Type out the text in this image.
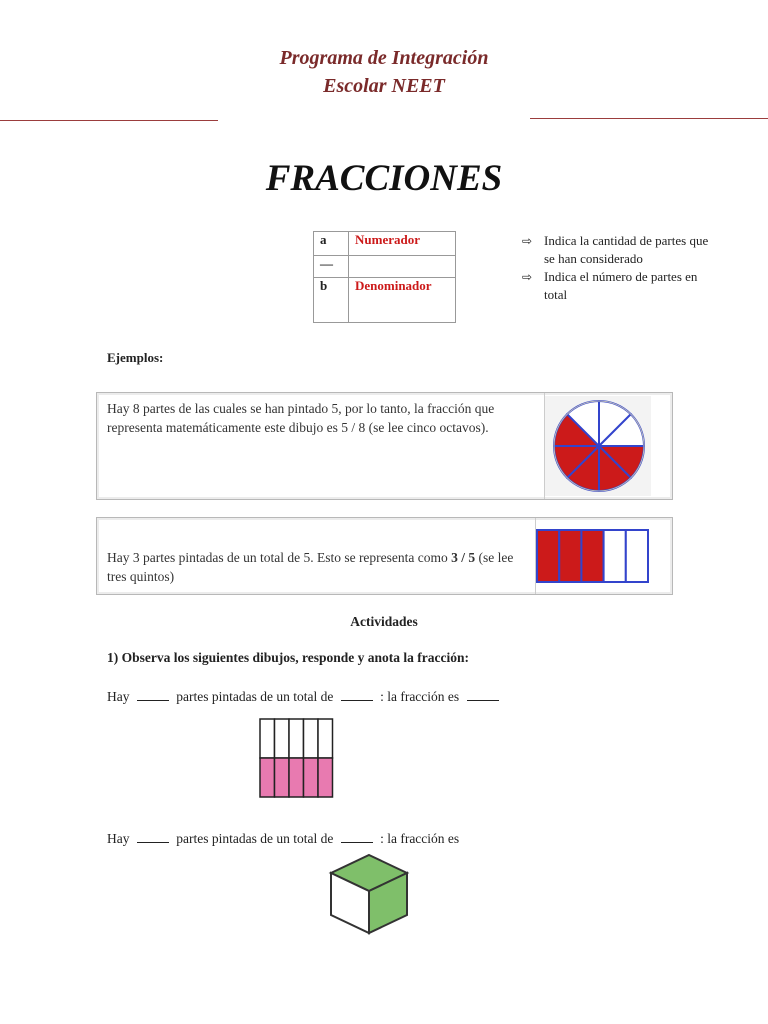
Programa de Integración
Escolar NEET
FRACCIONES
a	Numerador
—	
b	Denominador
⇨ Indica la cantidad de partes que se han considerado
⇨ Indica el número de partes en total
Ejemplos:
Hay 8 partes de las cuales se han pintado 5, por lo tanto, la fracción que representa matemáticamente este dibujo es 5 / 8 (se lee cinco octavos).
Hay 3 partes pintadas de un total de 5. Esto se representa como 3 / 5 (se lee tres quintos)
Actividades
1) Observa los siguientes dibujos, responde y anota la fracción:
Hay	partes pintadas de un total de	: la fracción es
Hay	partes pintadas de un total de	: la fracción es
